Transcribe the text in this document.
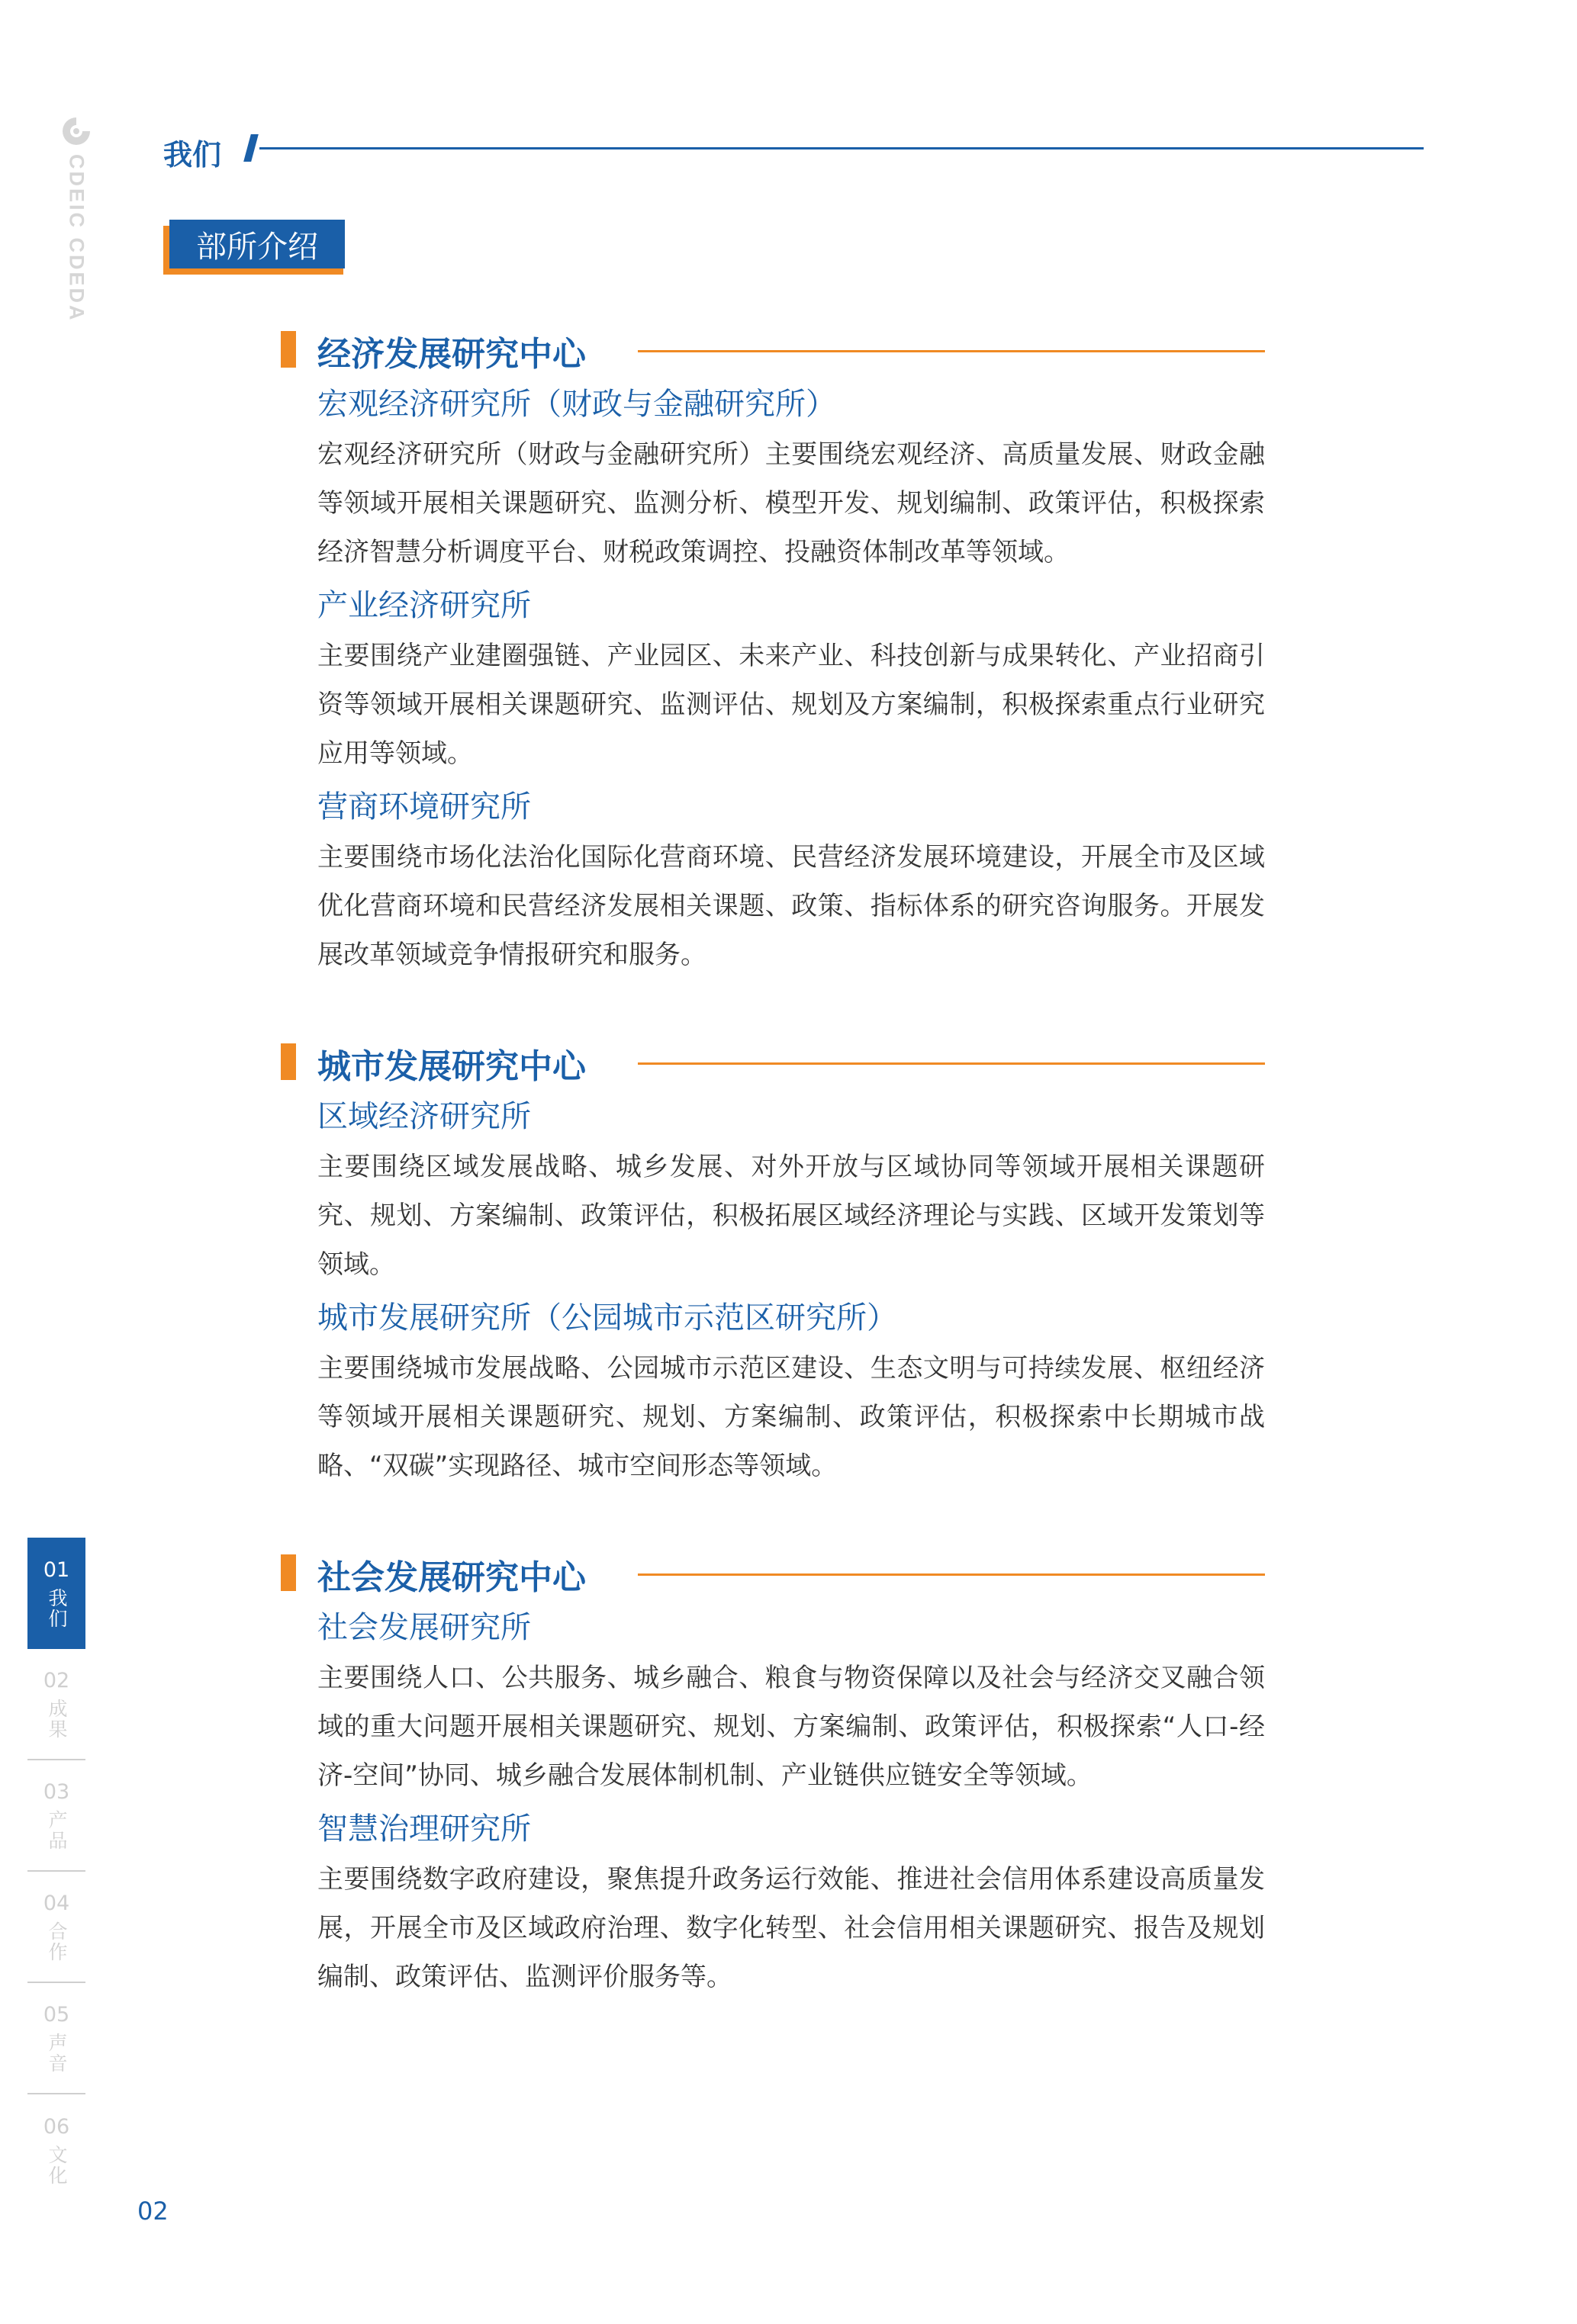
CDEIC CDEDA	我们
部所介绍
经济发展研究中心
宏观经济研究所（财政与金融研究所）
宏观经济研究所（财政与金融研究所）主要围绕宏观经济、高质量发展、财政金融等领域开展相关课题研究、监测分析、模型开发、规划编制、政策评估，积极探索经济智慧分析调度平台、财税政策调控、投融资体制改革等领域。
产业经济研究所
主要围绕产业建圈强链、产业园区、未来产业、科技创新与成果转化、产业招商引资等领域开展相关课题研究、监测评估、规划及方案编制，积极探索重点行业研究应用等领域。
营商环境研究所
主要围绕市场化法治化国际化营商环境、民营经济发展环境建设，开展全市及区域优化营商环境和民营经济发展相关课题、政策、指标体系的研究咨询服务。开展发展改革领域竞争情报研究和服务。
城市发展研究中心
区域经济研究所
主要围绕区域发展战略、城乡发展、对外开放与区域协同等领域开展相关课题研究、规划、方案编制、政策评估，积极拓展区域经济理论与实践、区域开发策划等领域。
城市发展研究所（公园城市示范区研究所）
主要围绕城市发展战略、公园城市示范区建设、生态文明与可持续发展、枢纽经济等领域开展相关课题研究、规划、方案编制、政策评估，积极探索中长期城市战略、“双碳”实现路径、城市空间形态等领域。
社会发展研究中心
社会发展研究所
主要围绕人口、公共服务、城乡融合、粮食与物资保障以及社会与经济交叉融合领域的重大问题开展相关课题研究、规划、方案编制、政策评估，积极探索“人口-经济-空间”协同、城乡融合发展体制机制、产业链供应链安全等领域。
智慧治理研究所
主要围绕数字政府建设，聚焦提升政务运行效能、推进社会信用体系建设高质量发展，开展全市及区域政府治理、数字化转型、社会信用相关课题研究、报告及规划编制、政策评估、监测评价服务等。
01
我们
02
成果
03
产品
04
合作
05
声音
06
文化
02
